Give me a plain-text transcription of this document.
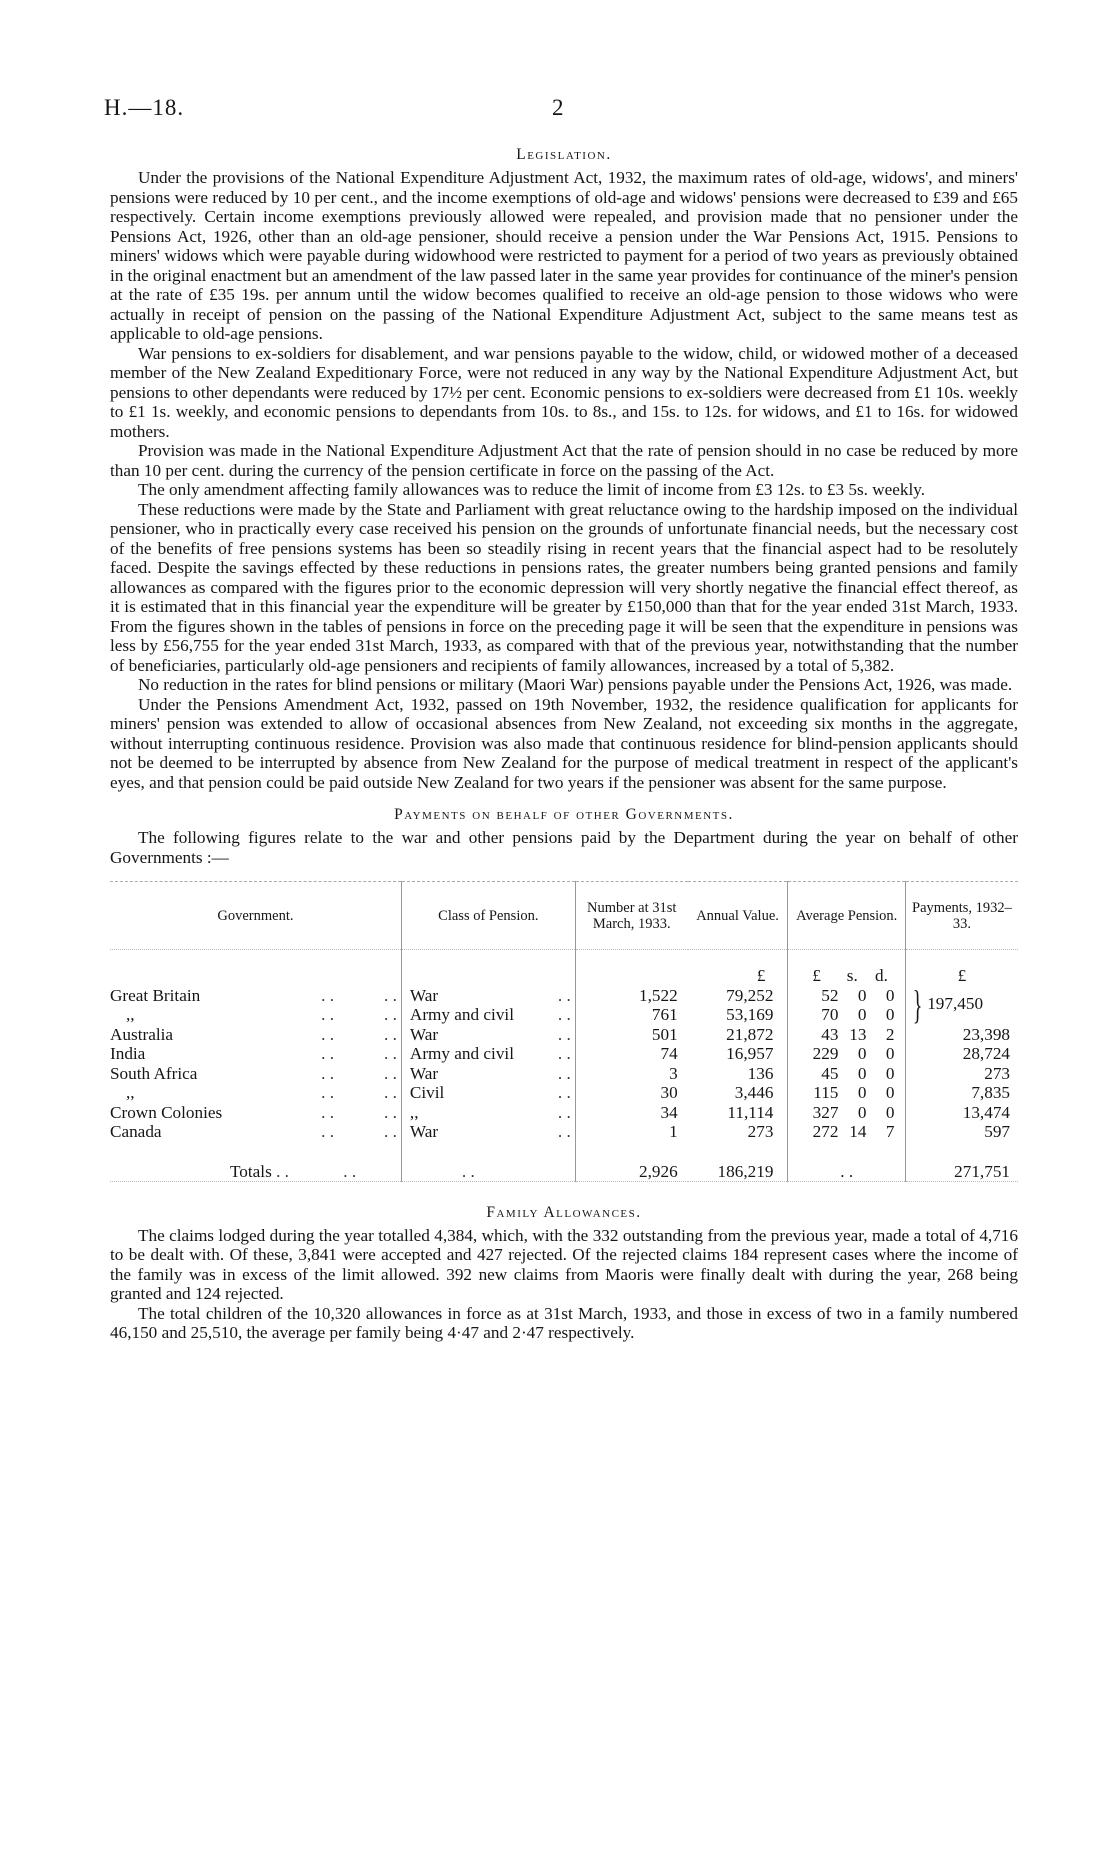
H.—18.	2

Legislation.

Under the provisions of the National Expenditure Adjustment Act, 1932, the maximum rates of old-age, widows', and miners' pensions were reduced by 10 per cent., and the income exemptions of old-age and widows' pensions were decreased to £39 and £65 respectively. Certain income exemptions previously allowed were repealed, and provision made that no pensioner under the Pensions Act, 1926, other than an old-age pensioner, should receive a pension under the War Pensions Act, 1915. Pensions to miners' widows which were payable during widowhood were restricted to payment for a period of two years as previously obtained in the original enactment but an amendment of the law passed later in the same year provides for continuance of the miner's pension at the rate of £35 19s. per annum until the widow becomes qualified to receive an old-age pension to those widows who were actually in receipt of pension on the passing of the National Expenditure Adjustment Act, subject to the same means test as applicable to old-age pensions.

War pensions to ex-soldiers for disablement, and war pensions payable to the widow, child, or widowed mother of a deceased member of the New Zealand Expeditionary Force, were not reduced in any way by the National Expenditure Adjustment Act, but pensions to other dependants were reduced by 17½ per cent. Economic pensions to ex-soldiers were decreased from £1 10s. weekly to £1 1s. weekly, and economic pensions to dependants from 10s. to 8s., and 15s. to 12s. for widows, and £1 to 16s. for widowed mothers.

Provision was made in the National Expenditure Adjustment Act that the rate of pension should in no case be reduced by more than 10 per cent. during the currency of the pension certificate in force on the passing of the Act.

The only amendment affecting family allowances was to reduce the limit of income from £3 12s. to £3 5s. weekly.

These reductions were made by the State and Parliament with great reluctance owing to the hardship imposed on the individual pensioner, who in practically every case received his pension on the grounds of unfortunate financial needs, but the necessary cost of the benefits of free pensions systems has been so steadily rising in recent years that the financial aspect had to be resolutely faced. Despite the savings effected by these reductions in pensions rates, the greater numbers being granted pensions and family allowances as compared with the figures prior to the economic depression will very shortly negative the financial effect thereof, as it is estimated that in this financial year the expenditure will be greater by £150,000 than that for the year ended 31st March, 1933. From the figures shown in the tables of pensions in force on the preceding page it will be seen that the expenditure in pensions was less by £56,755 for the year ended 31st March, 1933, as compared with that of the previous year, notwithstanding that the number of beneficiaries, particularly old-age pensioners and recipients of family allowances, increased by a total of 5,382.

No reduction in the rates for blind pensions or military (Maori War) pensions payable under the Pensions Act, 1926, was made.

Under the Pensions Amendment Act, 1932, passed on 19th November, 1932, the residence qualification for applicants for miners' pension was extended to allow of occasional absences from New Zealand, not exceeding six months in the aggregate, without interrupting continuous residence. Provision was also made that continuous residence for blind-pension applicants should not be deemed to be interrupted by absence from New Zealand for the purpose of medical treatment in respect of the applicant's eyes, and that pension could be paid outside New Zealand for two years if the pensioner was absent for the same purpose.

Payments on behalf of other Governments.

The following figures relate to the war and other pensions paid by the Department during the year on behalf of other Governments :—

Government.	Class of Pension.	Number at 31st March, 1933.	Annual Value.	Average Pension.	Payments, 1932–33.
			£	£ s. d.	£
Great Britain . . . .	War . .	1,522	79,252	52 0 0	} 197,450
,, . . . .	Army and civil . .	761	53,169	70 0 0	
Australia . . . .	War . .	501	21,872	43 13 2	23,398
India . . . .	Army and civil . .	74	16,957	229 0 0	28,724
South Africa . . . .	War . .	3	136	45 0 0	273
,, . . . .	Civil . .	30	3,446	115 0 0	7,835
Crown Colonies . . . .	,, . .	34	11,114	327 0 0	13,474
Canada . . . .	War . .	1	273	272 14 7	597

Totals . . . .	. .	2,926	186,219	. .	271,751

Family Allowances.

The claims lodged during the year totalled 4,384, which, with the 332 outstanding from the previous year, made a total of 4,716 to be dealt with. Of these, 3,841 were accepted and 427 rejected. Of the rejected claims 184 represent cases where the income of the family was in excess of the limit allowed. 392 new claims from Maoris were finally dealt with during the year, 268 being granted and 124 rejected.

The total children of the 10,320 allowances in force as at 31st March, 1933, and those in excess of two in a family numbered 46,150 and 25,510, the average per family being 4·47 and 2·47 respectively.
